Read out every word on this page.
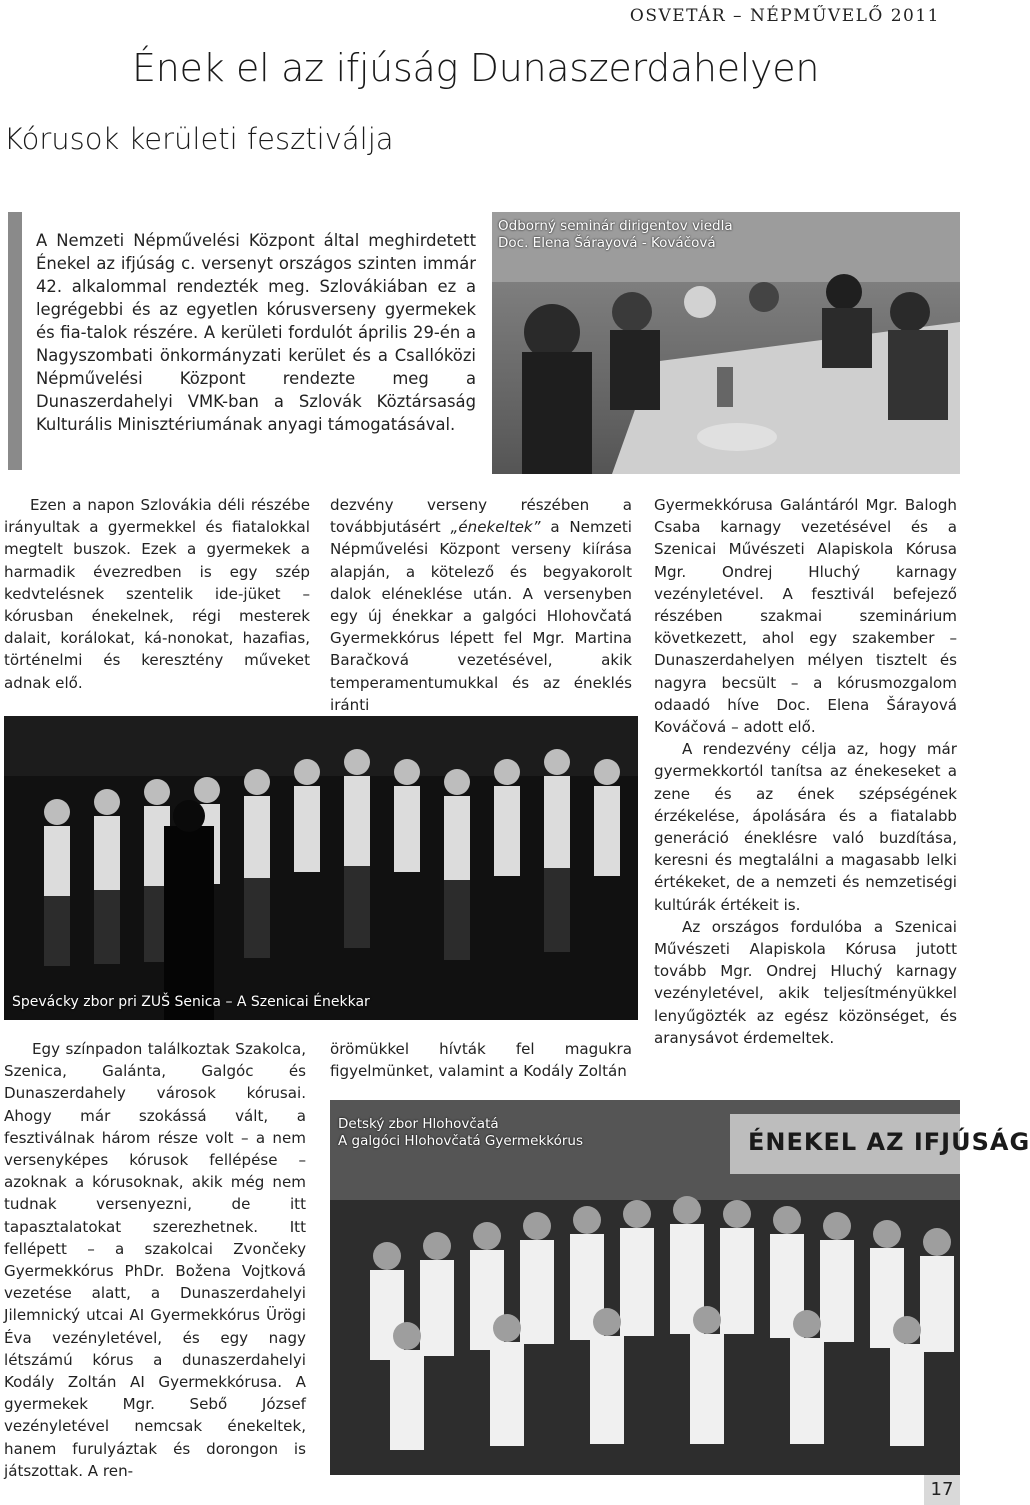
OSVETÁR – NÉPMŰVELŐ 2011
Ének el az ifjúság Dunaszerdahelyen
Kórusok kerületi fesztiválja

A Nemzeti Népművelési Központ által meghirdetett Énekel az ifjúság c. versenyt országos szinten immár 42. alkalommal rendezték meg. Szlovákiában ez a legrégebbi és az egyetlen kórusverseny gyermekek és fia-talok részére. A kerületi fordulót április 29-én a Nagyszombati önkormányzati kerület és a Csallóközi Népművelési Központ rendezte meg a Dunaszerdahelyi VMK-ban a Szlovák Köztársaság Kulturális Minisztériumának anyagi támogatásával.

Odborný seminár dirigentov viedla
Doc. Elena Šárayová - Kováčová

Ezen a napon Szlovákia déli részébe irányultak a gyermekkel és fiatalokkal megtelt buszok. Ezek a gyermekek a harmadik évezredben is egy szép kedvtelésnek szentelik ide-jüket – kórusban énekelnek, régi mesterek dalait, korálokat, ká-nonokat, hazafias, történelmi és keresztény műveket adnak elő.

dezvény verseny részében a továbbjutásért „énekeltek” a Nemzeti Népművelési Központ verseny kiírása alapján, a kötelező és begyakorolt dalok eléneklése után. A versenyben egy új énekkar a galgóci Hlohovčatá Gyermekkórus lépett fel Mgr. Martina Baračková	vezetésével, akik temperamentumukkal és az éneklés iránti

Gyermekkórusa Galántáról Mgr. Balogh Csaba karnagy vezetésével és a Szenicai Művészeti Alapiskola Kórusa Mgr. Ondrej Hluchý karnagy vezényletével. A fesztivál befejező részében szakmai szeminárium következett, ahol egy szakember – Dunaszerdahelyen mélyen tisztelt és nagyra becsült – a kórusmozgalom odaadó híve Doc. Elena Šárayová Kováčová – adott elő.

A rendezvény célja az, hogy már gyermekkortól tanítsa az énekeseket a zene és az ének szépségének érzékelése, ápolására és a fiatalabb generáció éneklésre való buzdítása, keresni és megtalálni a magasabb lelki értékeket, de a nemzeti és nemzetiségi kultúrák értékeit is.

Az országos fordulóba a Szenicai Művészeti Alapiskola Kórusa jutott tovább Mgr. Ondrej Hluchý karnagy vezényletével, akik teljesítményükkel lenyűgözték az egész közönséget, és aranysávot érdemeltek.

Spevácky zbor pri ZUŠ Senica – A Szenicai Énekkar

Egy színpadon találkoztak Szakolca, Szenica, Galánta, Galgóc és Dunaszerdahely városok kórusai. Ahogy már szokássá vált, a fesztiválnak három része volt – a nem versenyképes kórusok fellépése – azoknak a kórusoknak, akik még nem tudnak versenyezni, de itt tapasztalatokat szerezhetnek. Itt fellépett – a szakolcai Zvončeky Gyermekkórus PhDr. Božena Vojtková vezetése alatt, a Dunaszerdahelyi Jilemnický utcai AI Gyermekkórus Ürögi Éva vezényletével, és egy nagy létszámú kórus a dunaszerdahelyi Kodály Zoltán AI Gyermekkórusa. A gyermekek Mgr. Sebő József vezényletével nemcsak énekeltek, hanem furulyáztak és dorongon is játszottak. A ren-

örömükkel hívták fel magukra figyelmünket, valamint a Kodály Zoltán

ÉNEKEL AZ IFJÚSÁG
Detský zbor Hlohovčatá
A galgóci Hlohovčatá Gyermekkórus
17
